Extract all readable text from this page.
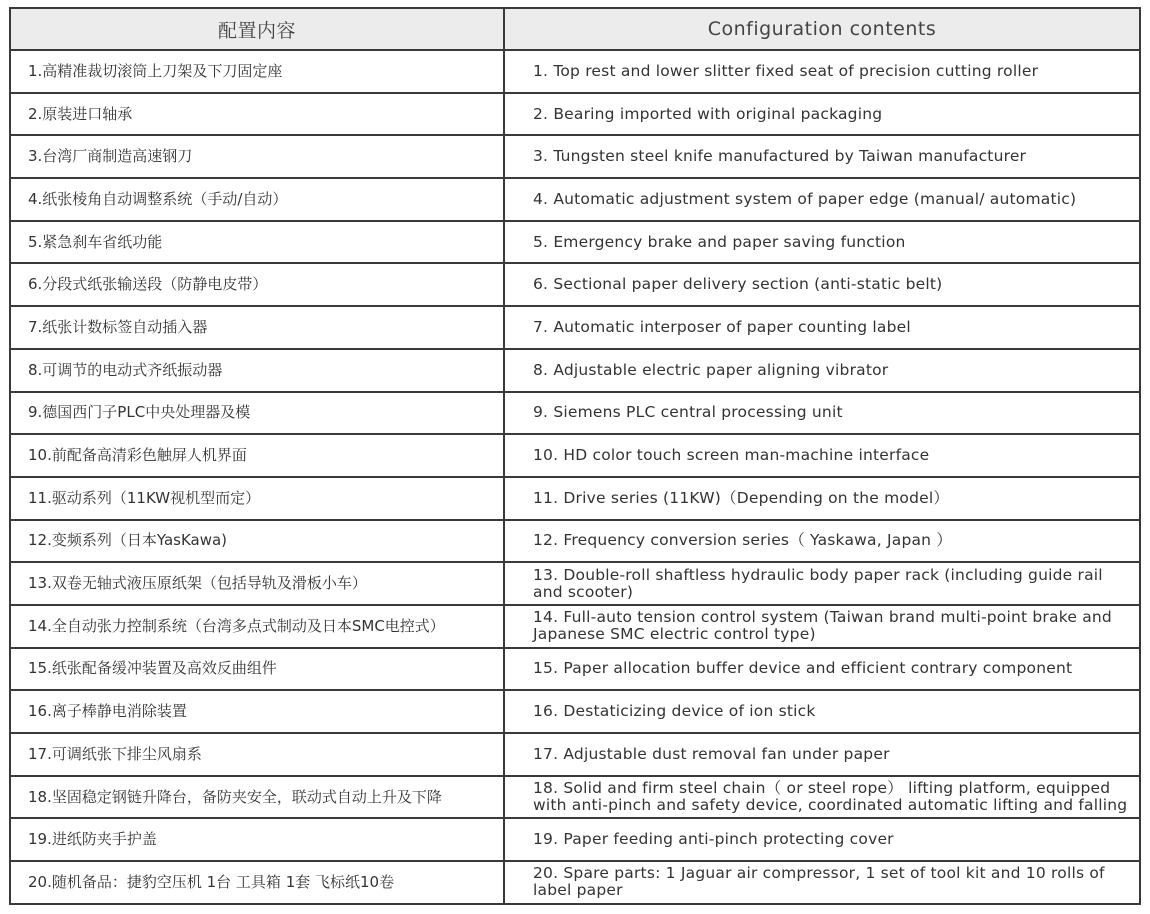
配置内容	Configuration contents
1.高精准裁切滚筒上刀架及下刀固定座	1. Top rest and lower slitter fixed seat of precision cutting roller
2.原装进口轴承	2. Bearing imported with original packaging
3.台湾厂商制造高速钢刀	3. Tungsten steel knife manufactured by Taiwan manufacturer
4.纸张棱角自动调整系统（手动/自动）	4. Automatic adjustment system of paper edge (manual/ automatic)
5.紧急刹车省纸功能	5. Emergency brake and paper saving function
6.分段式纸张输送段（防静电皮带）	6. Sectional paper delivery section (anti-static belt)
7.纸张计数标签自动插入器	7. Automatic interposer of paper counting label
8.可调节的电动式齐纸振动器	8. Adjustable electric paper aligning vibrator
9.德国西门子PLC中央处理器及模	9. Siemens PLC central processing unit
10.前配备高清彩色触屏人机界面	10. HD color touch screen man-machine interface
11.驱动系列（11KW视机型而定）	11. Drive series (11KW)（Depending on the model）
12.变频系列（日本YasKawa)	12. Frequency conversion series（ Yaskawa, Japan ）
13.双卷无轴式液压原纸架（包括导轨及滑板小车）	13. Double-roll shaftless hydraulic body paper rack (including guide rail and scooter)
14.全自动张力控制系统（台湾多点式制动及日本SMC电控式）	14. Full-auto tension control system (Taiwan brand multi-point brake and Japanese SMC electric control type)
15.纸张配备缓冲装置及高效反曲组件	15. Paper allocation buffer device and efficient contrary component
16.离子棒静电消除装置	16. Destaticizing device of ion stick
17.可调纸张下排尘风扇系	17. Adjustable dust removal fan under paper
18.坚固稳定钢链升降台，备防夹安全，联动式自动上升及下降	18. Solid and firm steel chain（ or steel rope） lifting platform, equipped with anti-pinch and safety device, coordinated automatic lifting and falling
19.进纸防夹手护盖	19. Paper feeding anti-pinch protecting cover
20.随机备品：捷豹空压机 1台 工具箱 1套 飞标纸10卷	20. Spare parts: 1 Jaguar air compressor, 1 set of tool kit and 10 rolls of label paper
